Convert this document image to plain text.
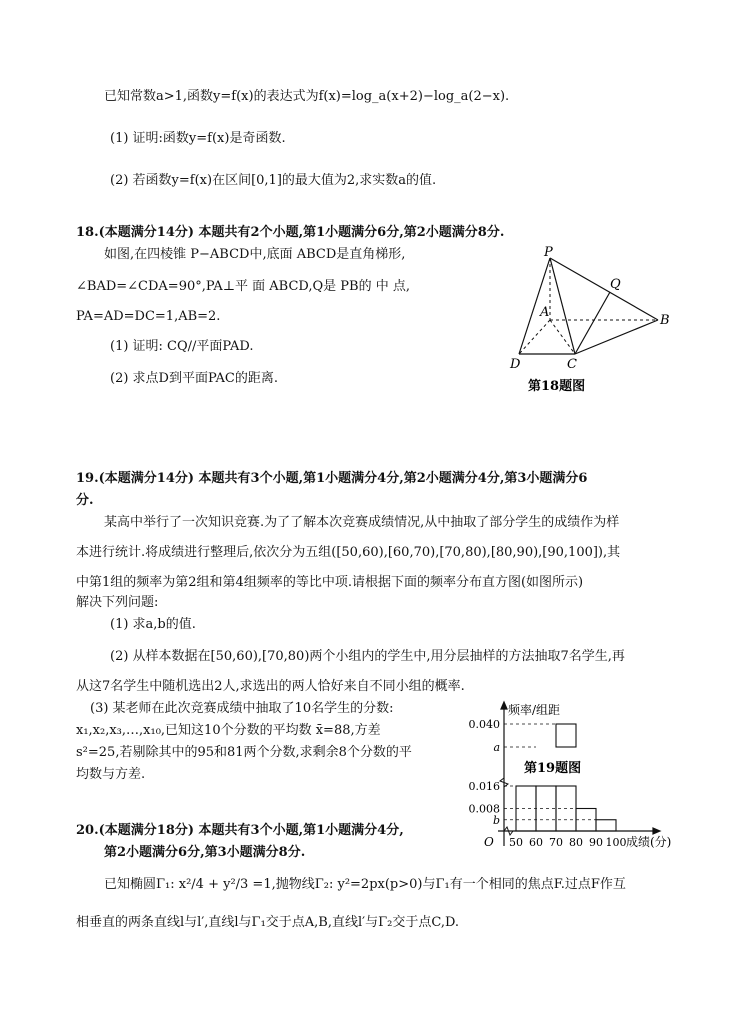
已知常数a>1,函数y=f(x)的表达式为f(x)=log_a(x+2)−log_a(2−x).
(1) 证明:函数y=f(x)是奇函数.
(2) 若函数y=f(x)在区间[0,1]的最大值为2,求实数a的值.
18.(本题满分14分) 本题共有2个小题,第1小题满分6分,第2小题满分8分.
如图,在四棱锥 P−ABCD中,底面 ABCD是直角梯形,
∠BAD=∠CDA=90°,PA⊥平 面 ABCD,Q是 PB的 中 点,
PA=AD=DC=1,AB=2.
(1) 证明: CQ//平面PAD.
(2) 求点D到平面PAC的距离.
P
Q
A
B
C
D
第18题图
19.(本题满分14分) 本题共有3个小题,第1小题满分4分,第2小题满分4分,第3小题满分6
分.
某高中举行了一次知识竞赛.为了了解本次竞赛成绩情况,从中抽取了部分学生的成绩作为样
本进行统计.将成绩进行整理后,依次分为五组([50,60),[60,70),[70,80),[80,90),[90,100]),其
中第1组的频率为第2组和第4组频率的等比中项.请根据下面的频率分布直方图(如图所示)
解决下列问题:
(1) 求a,b的值.
(2) 从样本数据在[50,60),[70,80)两个小组内的学生中,用分层抽样的方法抽取7名学生,再
从这7名学生中随机选出2人,求选出的两人恰好来自不同小组的概率.
(3) 某老师在此次竞赛成绩中抽取了10名学生的分数:
x₁,x₂,x₃,…,x₁₀,已知这10个分数的平均数 x̄=88,方差
s²=25,若剔除其中的95和81两个分数,求剩余8个分数的平
均数与方差.
0.040
a
0.016
0.008
b
50 60 70 80 90 100
频率/组距
成绩(分)
O
第19题图
20.(本题满分18分) 本题共有3个小题,第1小题满分4分,
第2小题满分6分,第3小题满分8分.
已知椭圆Γ₁: x²/4 + y²/3 =1,抛物线Γ₂: y²=2px(p>0)与Γ₁有一个相同的焦点F.过点F作互
相垂直的两条直线l与l′,直线l与Γ₁交于点A,B,直线l′与Γ₂交于点C,D.
